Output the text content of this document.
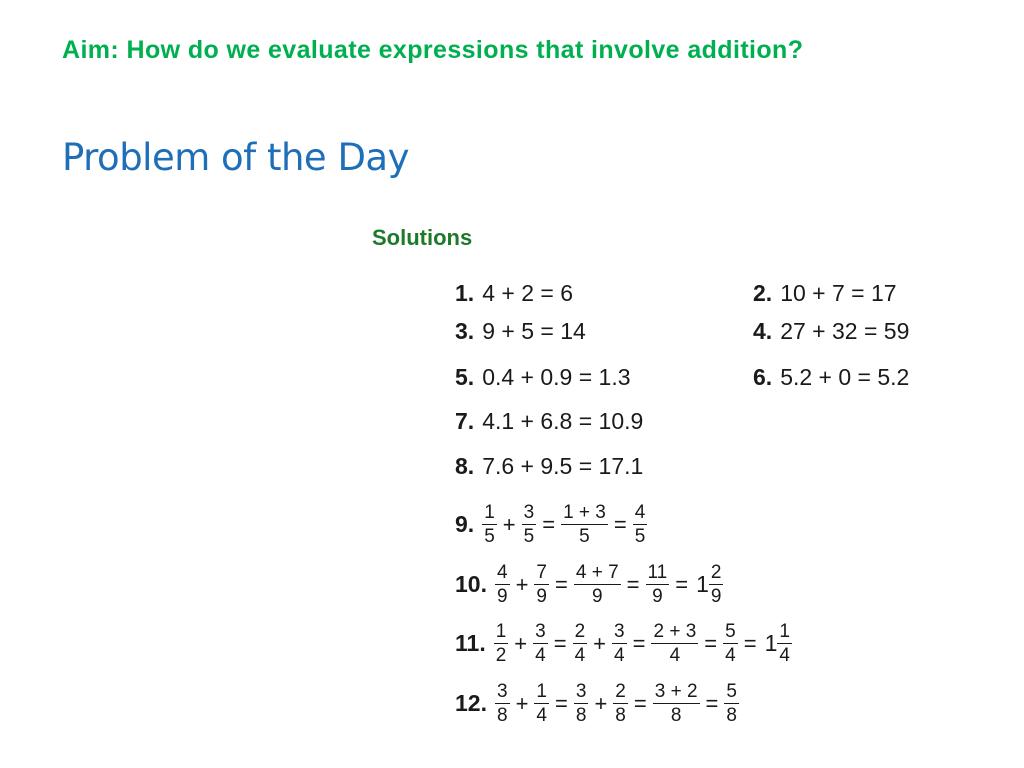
Aim: How do we evaluate expressions that involve addition?
Problem of the Day
Solutions
1. 4 + 2 = 6	2. 10 + 7 = 17
3. 9 + 5 = 14	4. 27 + 32 = 59
5. 0.4 + 0.9 = 1.3	6. 5.2 + 0 = 5.2
7. 4.1 + 6.8 = 10.9
8. 7.6 + 9.5 = 17.1
9. $\frac{1}{5} + \frac{3}{5} = \frac{1 + 3}{5} = \frac{4}{5}$
10. $\frac{4}{9} + \frac{7}{9} = \frac{4 + 7}{9} = \frac{11}{9} = 1 \frac{2}{9}$
11. $\frac{1}{2} + \frac{3}{4} = \frac{2}{4} + \frac{3}{4} = \frac{2 + 3}{4} = \frac{5}{4} = 1 \frac{1}{4}$
12. $\frac{3}{8} + \frac{1}{4} = \frac{3}{8} + \frac{2}{8} = \frac{3 + 2}{8} = \frac{5}{8}$
